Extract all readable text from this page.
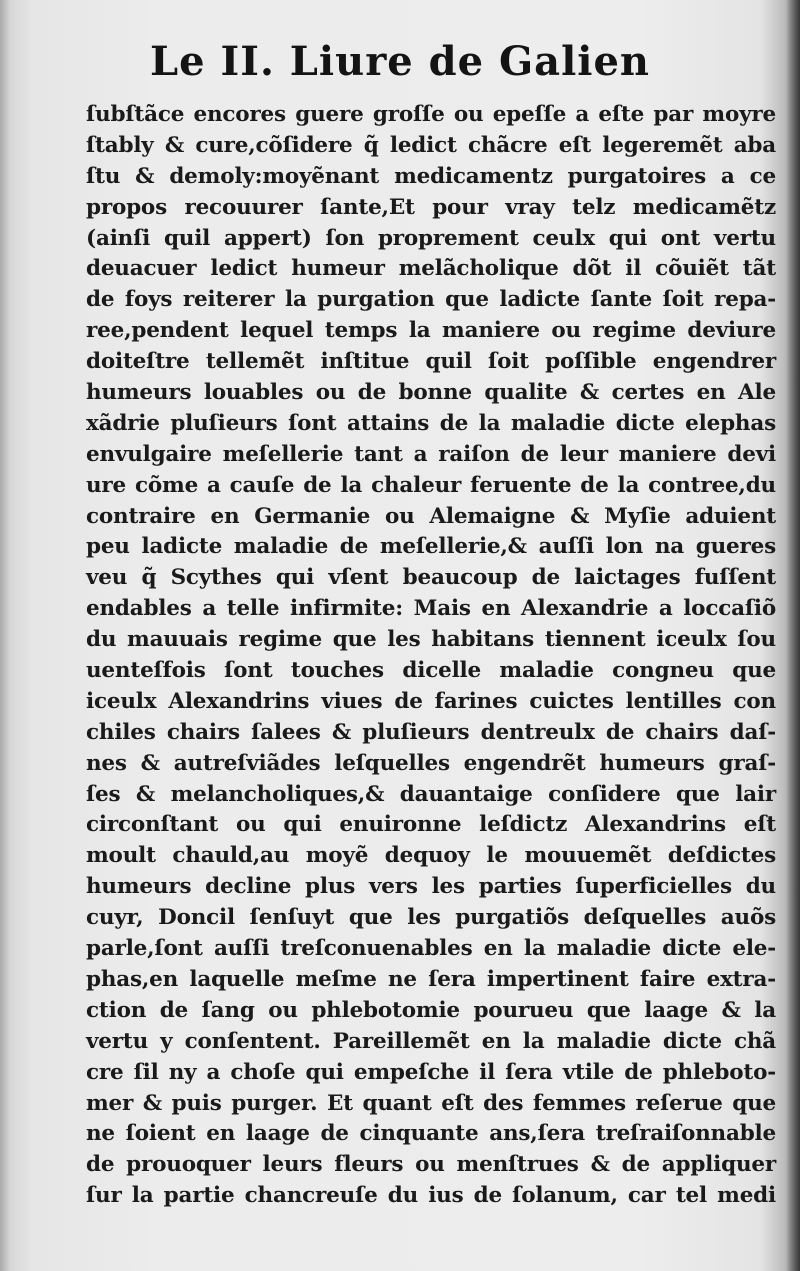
Le II. Liure de Galien
ſubſtãce encores guere groſſe ou epeſſe a eſte par moyre
ſtably & cure,cõſidere q̃ ledict chãcre eſt legeremẽt aba
ſtu & demoly:moyẽnant medicamentz purgatoires a ce
propos recouurer ſante,Et pour vray telz medicamẽtz
(ainſi quil appert) ſon proprement ceulx qui ont vertu
deuacuer ledict humeur melãcholique dõt il cõuiẽt tãt
de foys reiterer la purgation que ladicte ſante ſoit repa-
ree,pendent lequel temps la maniere ou regime deviure
doiteſtre tellemẽt inſtitue quil ſoit poſſible engendrer
humeurs louables ou de bonne qualite & certes en Ale
xãdrie pluſieurs ſont attains de la maladie dicte elephas
envulgaire meſellerie tant a raiſon de leur maniere devi
ure cõme a cauſe de la chaleur feruente de la contree,du
contraire en Germanie ou Alemaigne & Myſie aduient
peu ladicte maladie de meſellerie,& auſſi lon na gueres
veu q̃ Scythes qui vſent beaucoup de laictages fuſſent
endables a telle infirmite: Mais en Alexandrie a loccaſiõ
du mauuais regime que les habitans tiennent iceulx ſou
uenteſfois ſont touches dicelle maladie congneu que
iceulx Alexandrins viues de farines cuictes lentilles con
chiles chairs ſalees & pluſieurs dentreulx de chairs daſ-
nes & autreſviãdes leſquelles engendrẽt humeurs graſ-
ſes & melancholiques,& dauantaige conſidere que lair
circonſtant ou qui enuironne leſdictz Alexandrins eſt
moult chauld,au moyẽ dequoy le mouuemẽt deſdictes
humeurs decline plus vers les parties ſuperficielles du
cuyr, Doncil ſenſuyt que les purgatiõs deſquelles auõs
parle,ſont auſſi treſconuenables en la maladie dicte ele-
phas,en laquelle meſme ne ſera impertinent faire extra-
ction de ſang ou phlebotomie pourueu que laage & la
vertu y conſentent. Pareillemẽt en la maladie dicte chã
cre ſil ny a choſe qui empeſche il ſera vtile de phleboto-
mer & puis purger. Et quant eſt des femmes reſerue que
ne ſoient en laage de cinquante ans,ſera treſraiſonnable
de prouoquer leurs fleurs ou menſtrues & de appliquer
ſur la partie chancreuſe du ius de ſolanum, car tel medi
